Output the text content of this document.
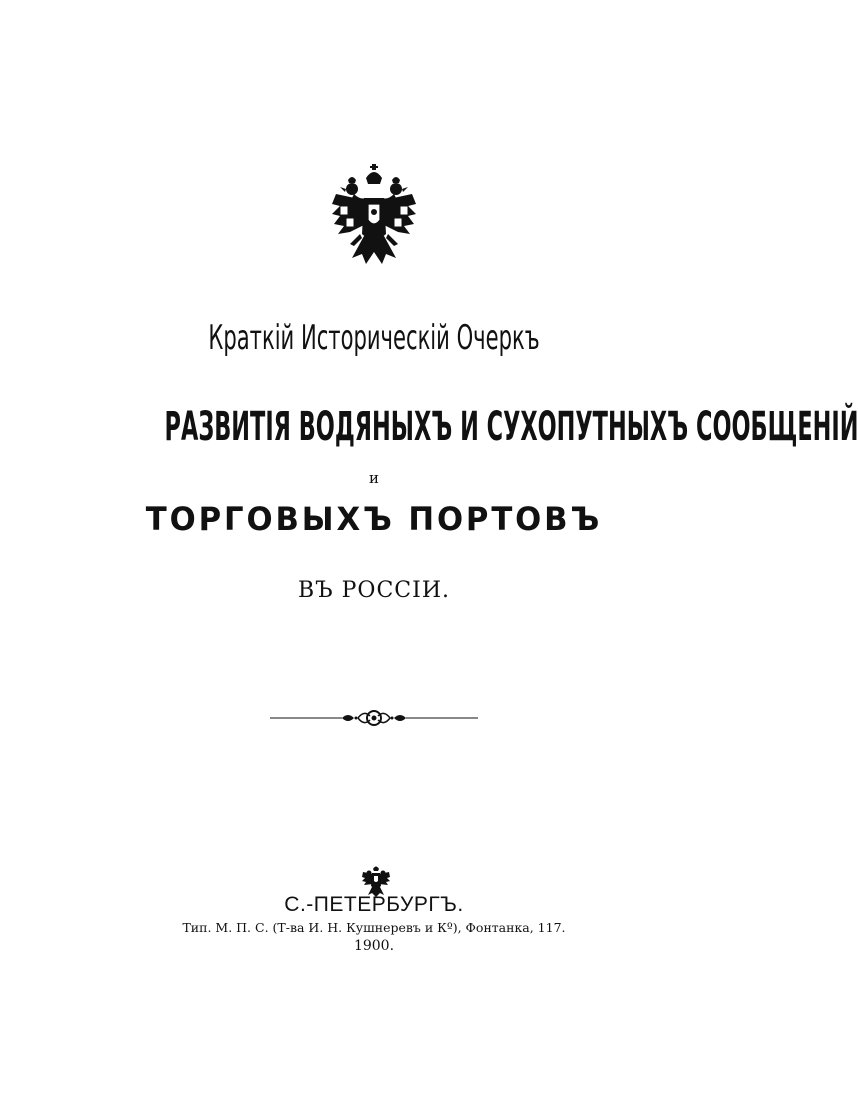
Краткій Историческій Очеркъ
РАЗВИТІЯ ВОДЯНЫХЪ И СУХОПУТНЫХЪ СООБЩЕНІЙ
и
ТОРГОВЫХЪ ПОРТОВЪ
ВЪ РОССІИ.
С.-ПЕТЕРБУРГЪ.
Тип. М. П. С. (Т-ва И. Н. Кушнеревъ и Кº), Фонтанка, 117.
1900.
